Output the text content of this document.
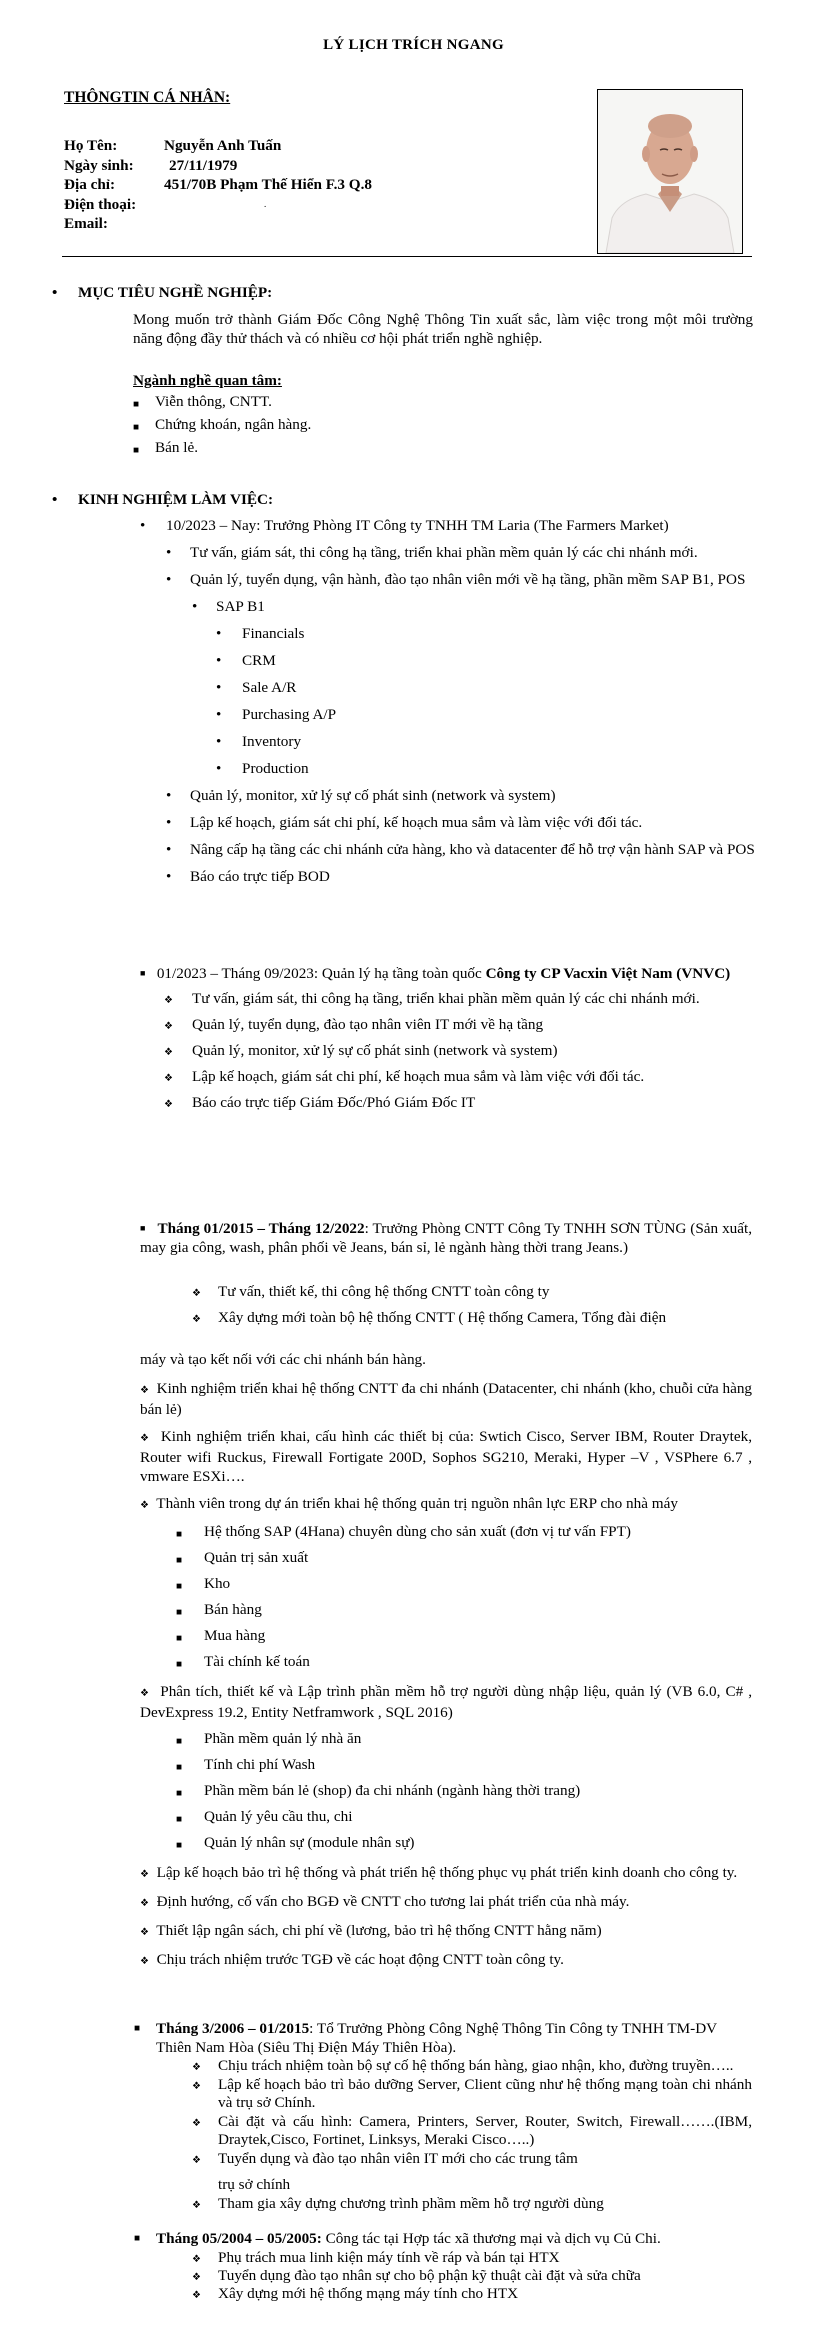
LÝ LỊCH TRÍCH NGANG
THÔNGTIN CÁ NHÂN:
Họ Tên:	Nguyễn Anh Tuấn
Ngày sinh:	27/11/1979
Địa chỉ:	451/70B Phạm Thế Hiển F.3 Q.8
Điện thoại:	.
Email:
• MỤC TIÊU NGHỀ NGHIỆP:
Mong muốn trở thành Giám Đốc Công Nghệ Thông Tin xuất sắc, làm việc trong một môi trường năng động đầy thử thách và có nhiều cơ hội phát triển nghề nghiệp.
Ngành nghề quan tâm:
■ Viễn thông, CNTT.
■ Chứng khoán, ngân hàng.
■ Bán lẻ.
• KINH NGHIỆM LÀM VIỆC:
• 10/2023 – Nay: Trưởng Phòng IT Công ty TNHH TM Laria (The Farmers Market)
• Tư vấn, giám sát, thi công hạ tầng, triển khai phần mềm quản lý các chi nhánh mới.
• Quản lý, tuyển dụng, vận hành, đào tạo nhân viên mới về hạ tầng, phần mềm SAP B1, POS
• SAP B1
• Financials
• CRM
• Sale A/R
• Purchasing A/P
• Inventory
• Production
• Quản lý, monitor, xử lý sự cố phát sinh (network và system)
• Lập kế hoạch, giám sát chi phí, kế hoạch mua sắm và làm việc với đối tác.
• Nâng cấp hạ tầng các chi nhánh cửa hàng, kho và datacenter để hỗ trợ vận hành SAP và POS
• Báo cáo trực tiếp BOD
■ 01/2023 – Tháng 09/2023: Quản lý hạ tầng toàn quốc Công ty CP Vacxin Việt Nam (VNVC)
❖ Tư vấn, giám sát, thi công hạ tầng, triển khai phần mềm quản lý các chi nhánh mới.
❖ Quản lý, tuyển dụng, đào tạo nhân viên IT mới về hạ tầng
❖ Quản lý, monitor, xử lý sự cố phát sinh (network và system)
❖ Lập kế hoạch, giám sát chi phí, kế hoạch mua sắm và làm việc với đối tác.
❖ Báo cáo trực tiếp Giám Đốc/Phó Giám Đốc IT
■ Tháng 01/2015 – Tháng 12/2022: Trưởng Phòng CNTT Công Ty TNHH SƠN TÙNG (Sản xuất, may gia công, wash, phân phối về Jeans, bán sỉ, lẻ ngành hàng thời trang Jeans.)
❖ Tư vấn, thiết kế, thi công hệ thống CNTT toàn công ty
❖ Xây dựng mới toàn bộ hệ thống CNTT ( Hệ thống Camera, Tổng đài điện
máy và tạo kết nối với các chi nhánh bán hàng.
❖ Kinh nghiệm triển khai hệ thống CNTT đa chi nhánh (Datacenter, chi nhánh (kho, chuỗi cửa hàng bán lẻ)
❖ Kinh nghiệm triển khai, cấu hình các thiết bị của: Swtich Cisco, Server IBM, Router Draytek, Router wifi Ruckus, Firewall Fortigate 200D, Sophos SG210, Meraki, Hyper –V , VSPhere 6.7 , vmware ESXi….
❖ Thành viên trong dự án triển khai hệ thống quản trị nguồn nhân lực ERP cho nhà máy
■ Hệ thống SAP (4Hana) chuyên dùng cho sản xuất (đơn vị tư vấn FPT)
■ Quản trị sản xuất
■ Kho
■ Bán hàng
■ Mua hàng
■ Tài chính kế toán
❖ Phân tích, thiết kế và Lập trình phần mềm hỗ trợ người dùng nhập liệu, quản lý (VB 6.0, C# , DevExpress 19.2, Entity Netframwork , SQL 2016)
■ Phần mềm quản lý nhà ăn
■ Tính chi phí Wash
■ Phần mềm bán lẻ (shop) đa chi nhánh (ngành hàng thời trang)
■ Quản lý yêu cầu thu, chi
■ Quản lý nhân sự (module nhân sự)
❖ Lập kế hoạch bảo trì hệ thống và phát triển hệ thống phục vụ phát triển kinh doanh cho công ty.
❖ Định hướng, cố vấn cho BGĐ về CNTT cho tương lai phát triển của nhà máy.
❖ Thiết lập ngân sách, chi phí về (lương, bảo trì hệ thống CNTT hằng năm)
❖ Chịu trách nhiệm trước TGĐ về các hoạt động CNTT toàn công ty.
■ Tháng 3/2006 – 01/2015: Tổ Trưởng Phòng Công Nghệ Thông Tin Công ty TNHH TM-DV Thiên Nam Hòa (Siêu Thị Điện Máy Thiên Hòa).
❖ Chịu trách nhiệm toàn bộ sự cố hệ thống bán hàng, giao nhận, kho, đường truyền…..
❖ Lập kế hoạch bảo trì bảo dưỡng Server, Client cũng như hệ thống mạng toàn chi nhánh và trụ sở Chính.
❖ Cài đặt và cấu hình: Camera, Printers, Server, Router, Switch, Firewall…….(IBM, Draytek,Cisco, Fortinet, Linksys, Meraki Cisco…..)
❖ Tuyển dụng và đào tạo nhân viên IT mới cho các trung tâm
trụ sở chính
❖ Tham gia xây dựng chương trình phầm mềm hỗ trợ người dùng
■ Tháng 05/2004 – 05/2005: Công tác tại Hợp tác xã thương mại và dịch vụ Củ Chi.
❖ Phụ trách mua linh kiện máy tính về ráp và bán tại HTX
❖ Tuyển dụng đào tạo nhân sự cho bộ phận kỹ thuật cài đặt và sửa chữa
❖ Xây dựng mới hệ thống mạng máy tính cho HTX
